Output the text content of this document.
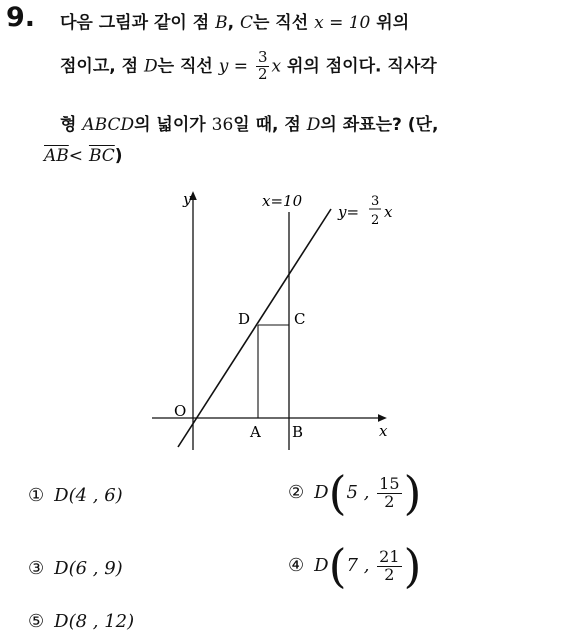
9. 다음 그림과 같이 점 B, C는 직선 x = 10 위의
점이고, 점 D는 직선 $y = \frac{3}{2}$ x 위의 점이다. 직사각
형 ABCD의 넓이가 36일 때, 점 D의 좌표는? (단,
$\overline{AB}< \overline{BC}$)
y
x
O
x=10
y=
3
2 x
A B
C
D
① D(4 , 6)	② D(5 , $\frac{15}{2}$ )
③ D(6 , 9)	④ D(7 , $\frac{21}{2}$ )
⑤ D(8 , 12)
